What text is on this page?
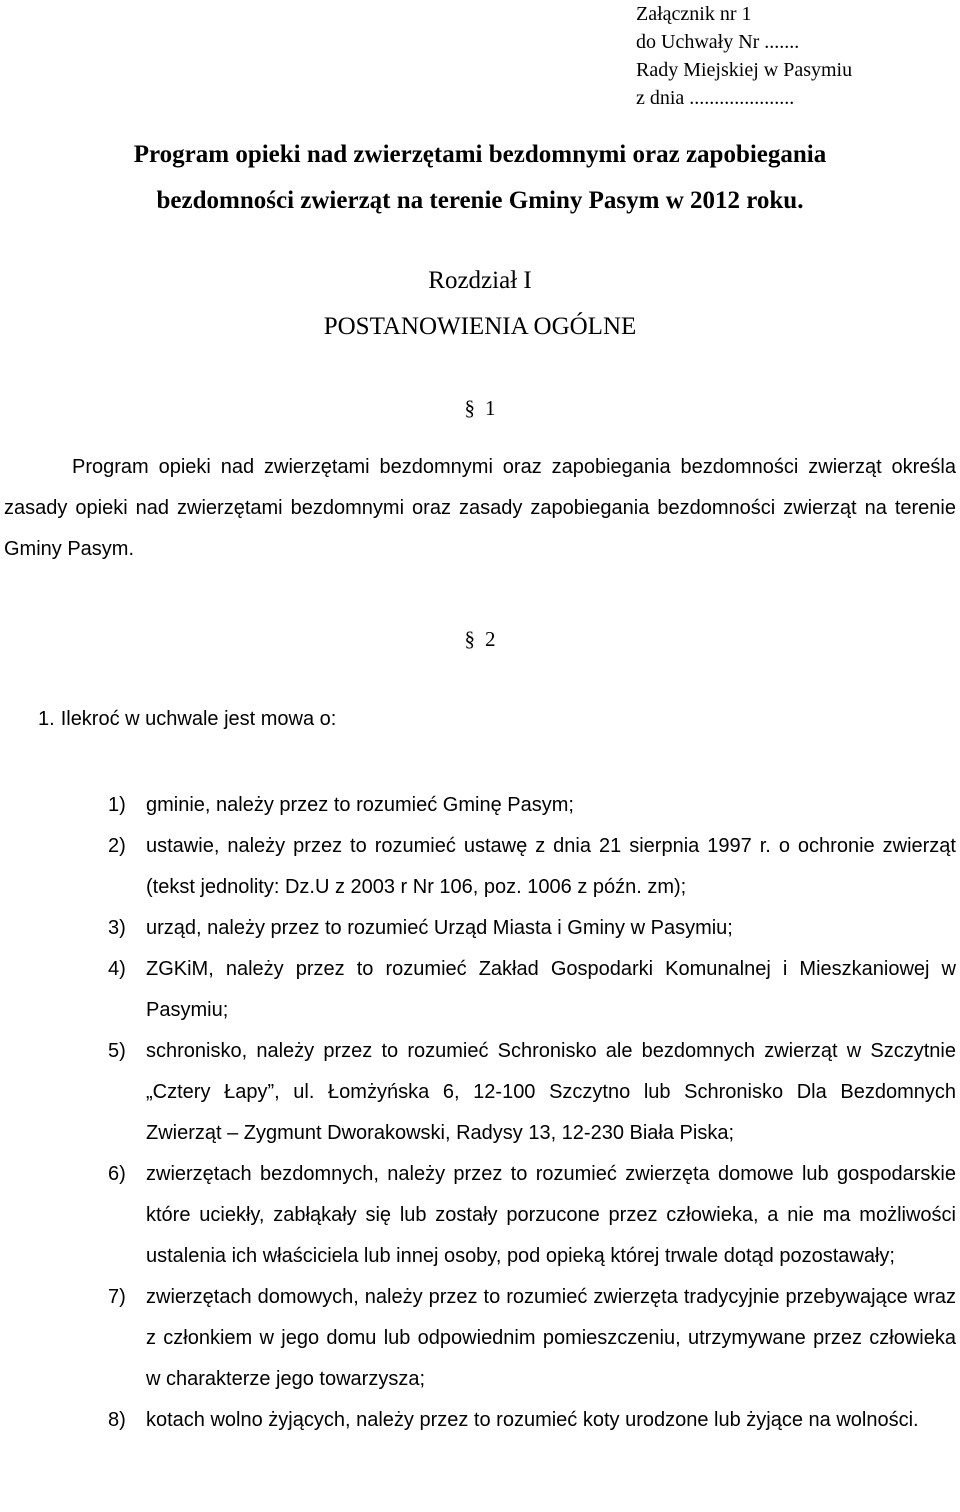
Załącznik nr 1
do Uchwały Nr .......
Rady Miejskiej w Pasymiu
z dnia .....................
Program opieki nad zwierzętami bezdomnymi oraz zapobiegania
bezdomności zwierząt na terenie Gminy Pasym w 2012 roku.
Rozdział I
POSTANOWIENIA OGÓLNE
§ 1
Program opieki nad zwierzętami bezdomnymi oraz zapobiegania bezdomności zwierząt określa zasady opieki nad zwierzętami bezdomnymi oraz zasady zapobiegania bezdomności zwierząt na terenie Gminy Pasym.
§ 2
1. Ilekroć w uchwale jest mowa o:
1) gminie, należy przez to rozumieć Gminę Pasym;
2) ustawie, należy przez to rozumieć ustawę z dnia 21 sierpnia 1997 r. o ochronie zwierząt (tekst jednolity: Dz.U z 2003 r Nr 106, poz. 1006 z późn. zm);
3) urząd, należy przez to rozumieć Urząd Miasta i Gminy w Pasymiu;
4) ZGKiM, należy przez to rozumieć Zakład Gospodarki Komunalnej i Mieszkaniowej w Pasymiu;
5) schronisko, należy przez to rozumieć Schronisko ale bezdomnych zwierząt w Szczytnie „Cztery Łapy”, ul. Łomżyńska 6, 12-100 Szczytno lub Schronisko Dla Bezdomnych Zwierząt – Zygmunt Dworakowski, Radysy 13, 12-230 Biała Piska;
6) zwierzętach bezdomnych, należy przez to rozumieć zwierzęta domowe lub gospodarskie które uciekły, zabłąkały się lub zostały porzucone przez człowieka, a nie ma możliwości ustalenia ich właściciela lub innej osoby, pod opieką której trwale dotąd pozostawały;
7) zwierzętach domowych, należy przez to rozumieć zwierzęta tradycyjnie przebywające wraz z członkiem w jego domu lub odpowiednim pomieszczeniu, utrzymywane przez człowieka w charakterze jego towarzysza;
8) kotach wolno żyjących, należy przez to rozumieć koty urodzone lub żyjące na wolności.
